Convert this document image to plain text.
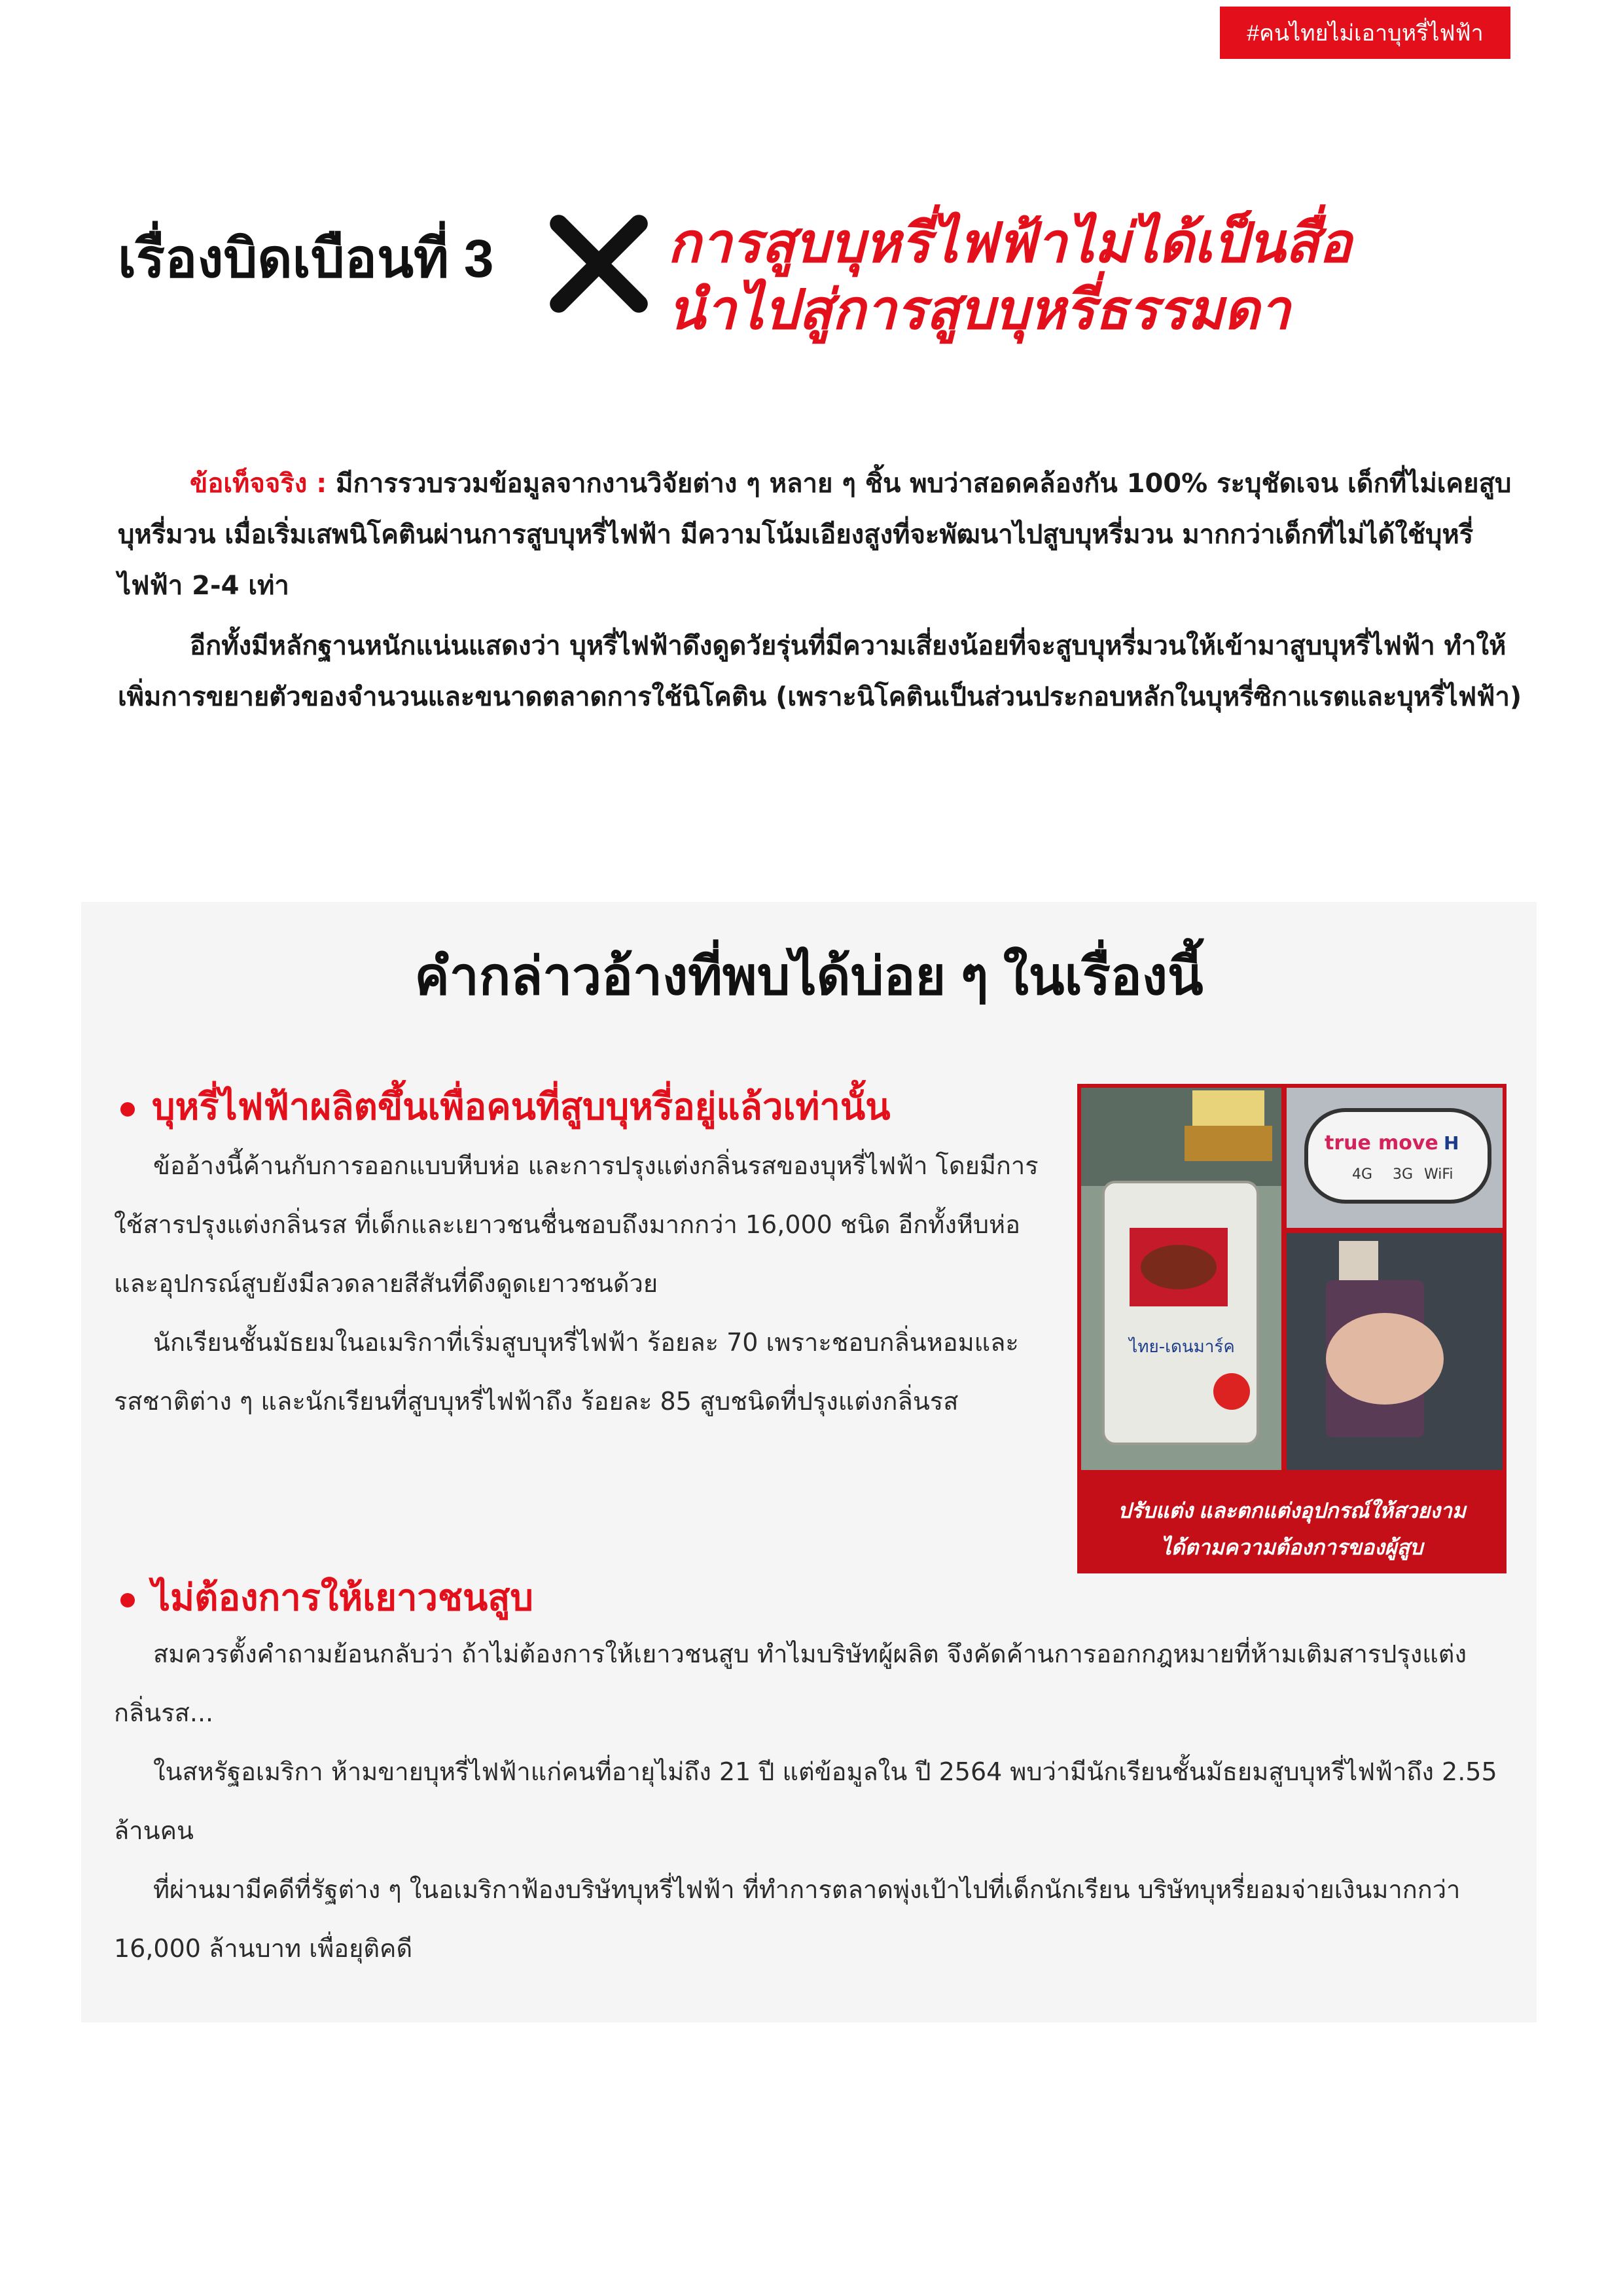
#คนไทยไม่เอาบุหรี่ไฟฟ้า
เรื่องบิดเบือนที่ 3	การสูบบุหรี่ไฟฟ้าไม่ได้เป็นสื่อ
นำไปสู่การสูบบุหรี่ธรรมดา

ข้อเท็จจริง : มีการรวบรวมข้อมูลจากงานวิจัยต่าง ๆ หลาย ๆ ชิ้น พบว่าสอดคล้องกัน 100% ระบุชัดเจน เด็กที่ไม่เคยสูบบุหรี่มวน เมื่อเริ่มเสพนิโคตินผ่านการสูบบุหรี่ไฟฟ้า มีความโน้มเอียงสูงที่จะพัฒนาไปสูบบุหรี่มวน มากกว่าเด็กที่ไม่ได้ใช้บุหรี่ไฟฟ้า 2-4 เท่า

อีกทั้งมีหลักฐานหนักแน่นแสดงว่า บุหรี่ไฟฟ้าดึงดูดวัยรุ่นที่มีความเสี่ยงน้อยที่จะสูบบุหรี่มวนให้เข้ามาสูบบุหรี่ไฟฟ้า ทำให้เพิ่มการขยายตัวของจำนวนและขนาดตลาดการใช้นิโคติน (เพราะนิโคตินเป็นส่วนประกอบหลักในบุหรี่ซิกาแรตและบุหรี่ไฟฟ้า)

คำกล่าวอ้างที่พบได้บ่อย ๆ ในเรื่องนี้
บุหรี่ไฟฟ้าผลิตขึ้นเพื่อคนที่สูบบุหรี่อยู่แล้วเท่านั้น

ข้ออ้างนี้ค้านกับการออกแบบหีบห่อ และการปรุงแต่งกลิ่นรสของบุหรี่ไฟฟ้า โดยมีการใช้สารปรุงแต่งกลิ่นรส ที่เด็กและเยาวชนชื่นชอบถึงมากกว่า 16,000 ชนิด อีกทั้งหีบห่อและอุปกรณ์สูบยังมีลวดลายสีสันที่ดึงดูดเยาวชนด้วย

นักเรียนชั้นมัธยมในอเมริกาที่เริ่มสูบบุหรี่ไฟฟ้า ร้อยละ 70 เพราะชอบกลิ่นหอมและรสชาติต่าง ๆ และนักเรียนที่สูบบุหรี่ไฟฟ้าถึง ร้อยละ 85 สูบชนิดที่ปรุงแต่งกลิ่นรส

ไทย-เดนมาร์ค
true move H
4G 3G WiFi
ปรับแต่ง และตกแต่งอุปกรณ์ให้สวยงาม
ได้ตามความต้องการของผู้สูบ
ไม่ต้องการให้เยาวชนสูบ

สมควรตั้งคำถามย้อนกลับว่า ถ้าไม่ต้องการให้เยาวชนสูบ ทำไมบริษัทผู้ผลิต จึงคัดค้านการออกกฎหมายที่ห้ามเติมสารปรุงแต่งกลิ่นรส...

ในสหรัฐอเมริกา ห้ามขายบุหรี่ไฟฟ้าแก่คนที่อายุไม่ถึง 21 ปี แต่ข้อมูลใน ปี 2564 พบว่ามีนักเรียนชั้นมัธยมสูบบุหรี่ไฟฟ้าถึง 2.55 ล้านคน

ที่ผ่านมามีคดีที่รัฐต่าง ๆ ในอเมริกาฟ้องบริษัทบุหรี่ไฟฟ้า ที่ทำการตลาดพุ่งเป้าไปที่เด็กนักเรียน บริษัทบุหรี่ยอมจ่ายเงินมากกว่า 16,000 ล้านบาท เพื่อยุติคดี
